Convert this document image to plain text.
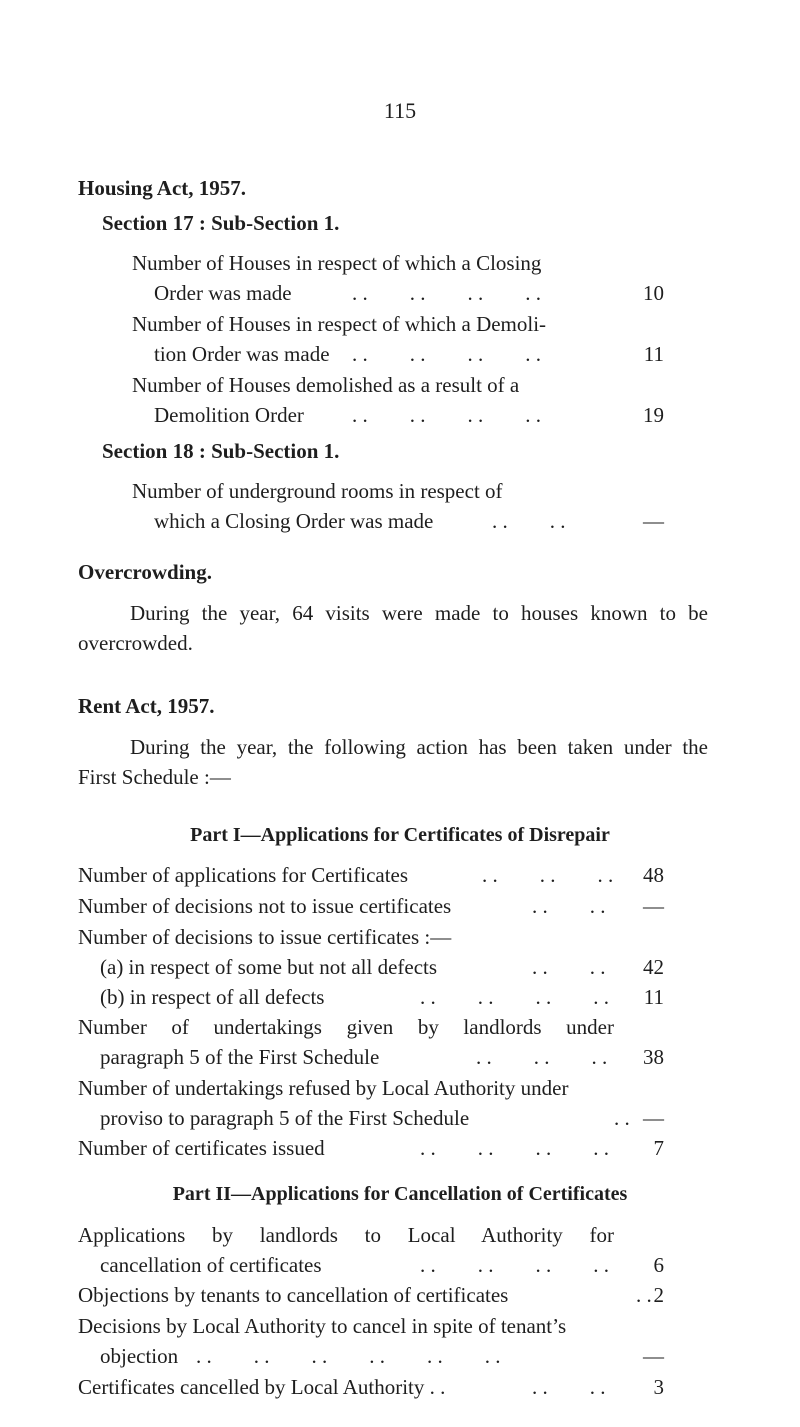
115
Housing Act, 1957.
Section 17 : Sub-Section 1.
Number of Houses in respect of which a Closing
Order was made	. .        . .        . .        . .	10
Number of Houses in respect of which a Demoli-
tion Order was made . .        . .        . .        . .	11
Number of Houses demolished as a result of a
Demolition Order . .        . .        . .        . .	19
Section 18 : Sub-Section 1.
Number of underground rooms in respect of
which a Closing Order was made	. .        . .	—
Overcrowding.
During the year, 64 visits were made to houses known to be
overcrowded.
Rent Act, 1957.
During the year, the following action has been taken under the
First Schedule :—
Part I—Applications for Certificates of Disrepair
Number of applications for Certificates	. .        . .        . .	48
Number of decisions not to issue certificates	. .        . .	—
Number of decisions to issue certificates :—
(a) in respect of some but not all defects	. .        . .	42
(b) in respect of all defects	. .        . .        . .        . .	11
Number of undertakings given by landlords under
paragraph 5 of the First Schedule	. .        . .        . .	38
Number of undertakings refused by Local Authority under
proviso to paragraph 5 of the First Schedule	. . —
Number of certificates issued	. .        . .        . .        . .	7
Part II—Applications for Cancellation of Certificates
Applications by landlords to Local Authority for
cancellation of certificates	. .        . .        . .        . .	6
Objections by tenants to cancellation of certificates	. . 2
Decisions by Local Authority to cancel in spite of tenant’s
objection . .        . .        . .        . .        . .        . .	—
Certificates cancelled by Local Authority . .	. .        . .	3
